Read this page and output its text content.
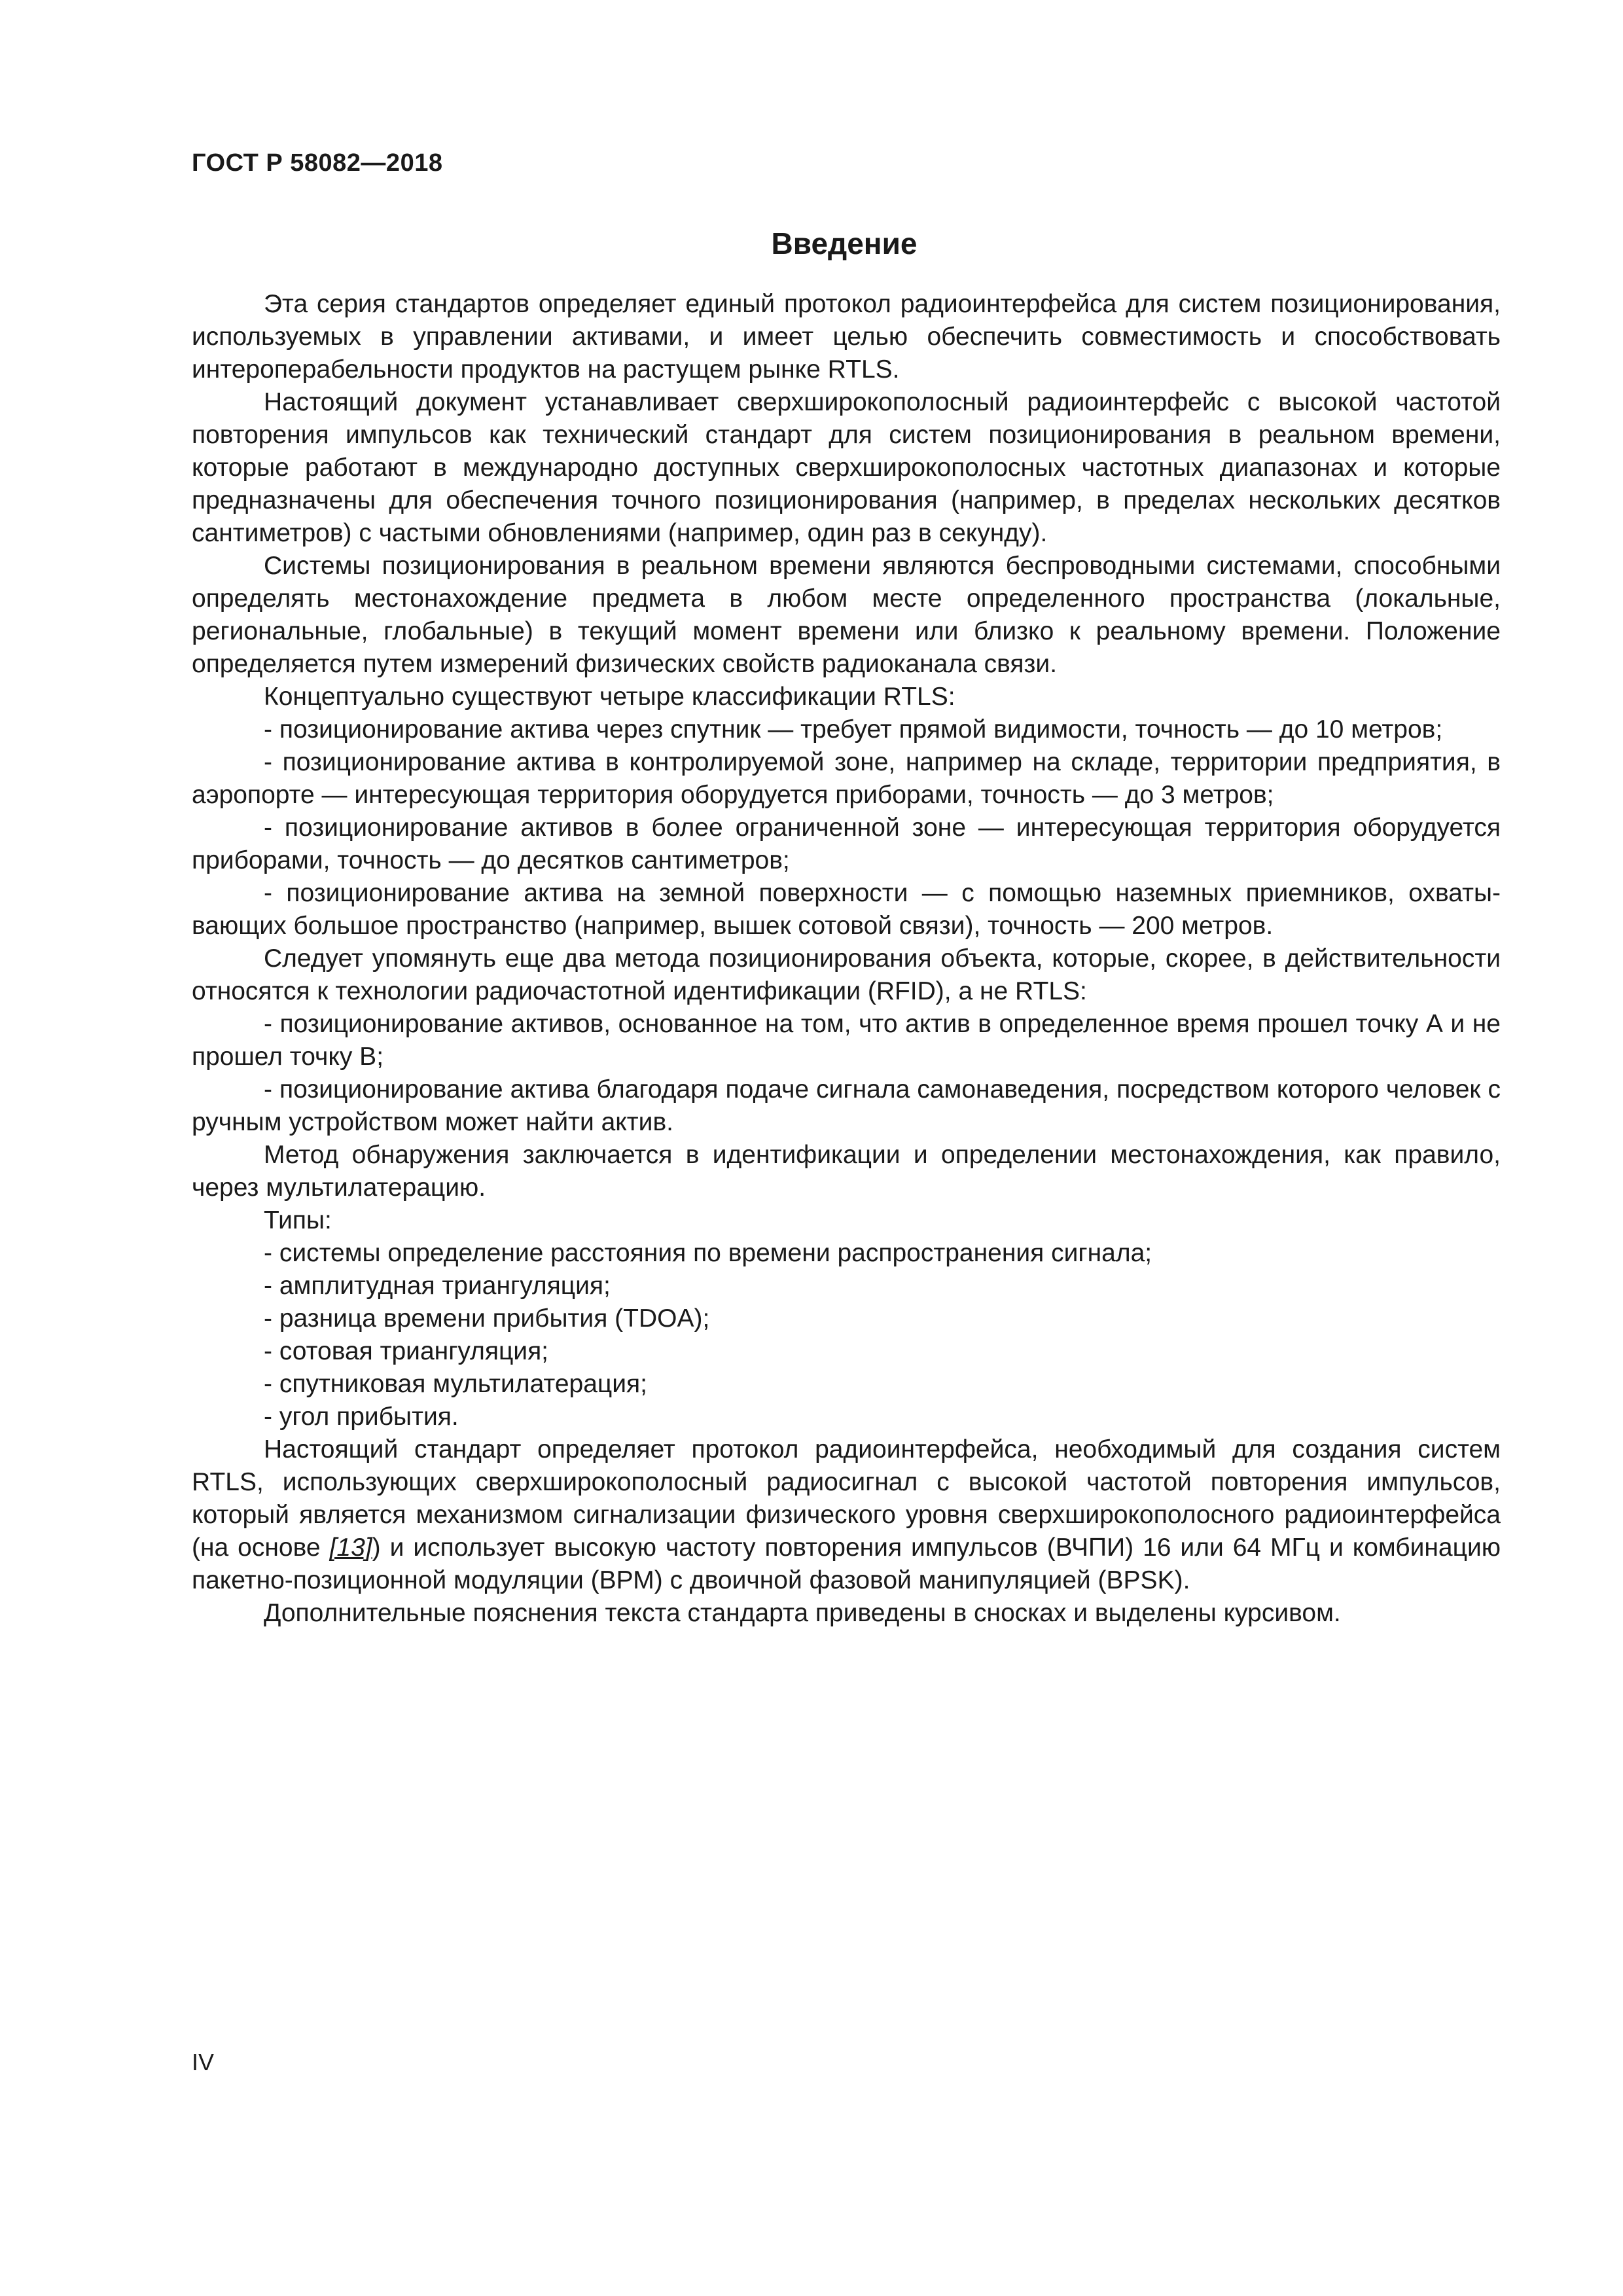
ГОСТ Р 58082—2018
Введение

Эта серия стандартов определяет единый протокол радиоинтерфейса для систем позиционирования, используемых в управлении активами, и имеет целью обеспечить совместимость и способствовать интероперабельности продуктов на растущем рынке RTLS.

Настоящий документ устанавливает сверхширокополосный радиоинтерфейс с высокой частотой повторения импульсов как технический стандарт для систем позиционирования в реальном времени, которые работают в международно доступных сверхширокополосных частотных диапазонах и которые предназначены для обеспечения точного позиционирования (например, в пределах нескольких десятков сантиметров) с частыми обновлениями (например, один раз в секунду).

Системы позиционирования в реальном времени являются беспроводными системами, способными определять местонахождение предмета в любом месте определенного пространства (локальные, региональные, глобальные) в текущий момент времени или близко к реальному времени. Положение определяется путем измерений физических свойств радиоканала связи.

Концептуально существуют четыре классификации RTLS:

- позиционирование актива через спутник — требует прямой видимости, точность — до 10 метров;

- позиционирование актива в контролируемой зоне, например на складе, территории предприятия, в аэропорте — интересующая территория оборудуется приборами, точность — до 3 метров;

- позиционирование активов в более ограниченной зоне — интересующая территория оборудуется приборами, точность — до десятков сантиметров;

- позиционирование актива на земной поверхности — с помощью наземных приемников, охватывающих большое пространство (например, вышек сотовой связи), точность — 200 метров.

Следует упомянуть еще два метода позиционирования объекта, которые, скорее, в действительности относятся к технологии радиочастотной идентификации (RFID), а не RTLS:

- позиционирование активов, основанное на том, что актив в определенное время прошел точку А и не прошел точку В;

- позиционирование актива благодаря подаче сигнала самонаведения, посредством которого человек с ручным устройством может найти актив.

Метод обнаружения заключается в идентификации и определении местонахождения, как правило, через мультилатерацию.

Типы:

- системы определение расстояния по времени распространения сигнала;

- амплитудная триангуляция;

- разница времени прибытия (TDOA);

- сотовая триангуляция;

- спутниковая мультилатерация;

- угол прибытия.

Настоящий стандарт определяет протокол радиоинтерфейса, необходимый для создания систем RTLS, использующих сверхширокополосный радиосигнал с высокой частотой повторения импульсов, который является механизмом сигнализации физического уровня сверхширокополосного радиоинтерфейса (на основе [13]) и использует высокую частоту повторения импульсов (ВЧПИ) 16 или 64 МГц и комбинацию пакетно-позиционной модуляции (ВРМ) с двоичной фазовой манипуляцией (BPSK).

Дополнительные пояснения текста стандарта приведены в сносках и выделены курсивом.

IV
